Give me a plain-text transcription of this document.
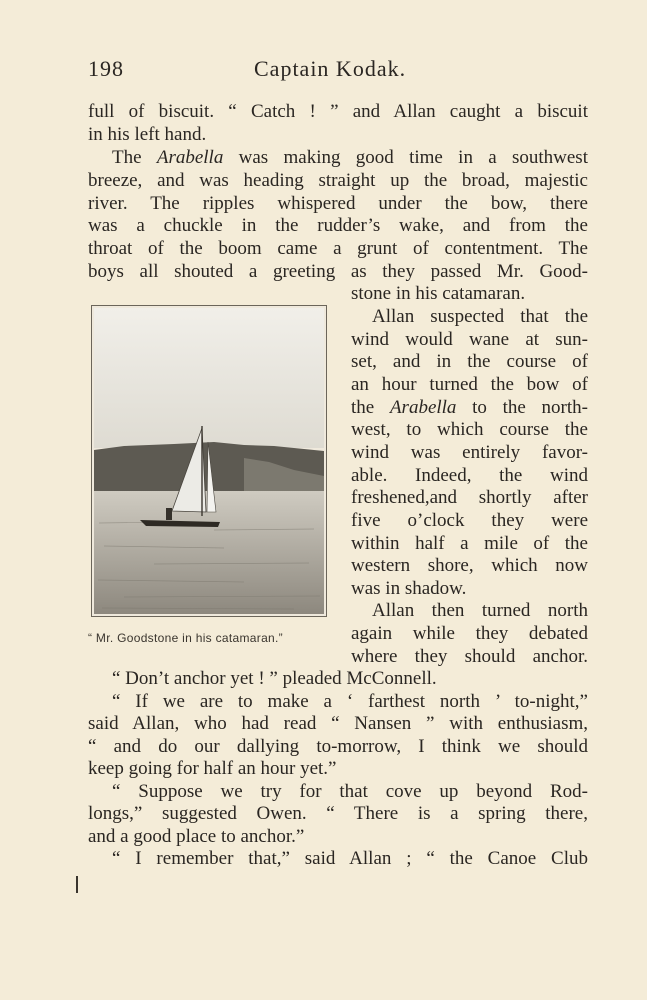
198	Captain Kodak.
full of biscuit. “ Catch ! ” and Allan caught a biscuit
in his left hand.
The Arabella was making good time in a southwest
breeze, and was heading straight up the broad, majestic
river. The ripples whispered under the bow, there
was a chuckle in the rudder’s wake, and from the
throat of the boom came a grunt of contentment. The
boys all shouted a greeting as they passed Mr. Good-
stone in his catamaran.
Allan suspected that the
wind would wane at sun-
set, and in the course of
an hour turned the bow of
the Arabella to the north-
west, to which course the
wind was entirely favor-
able. Indeed, the wind
freshened,and shortly after
five o’clock they were
within half a mile of the
western shore, which now
was in shadow.
Allan then turned north
again while they debated
where they should anchor.
“ Don’t anchor yet ! ” pleaded McConnell.
“ If we are to make a ‘ farthest north ’ to-night,”
said Allan, who had read “ Nansen ” with enthusiasm,
“ and do our dallying to-morrow, I think we should
keep going for half an hour yet.”
“ Suppose we try for that cove up beyond Rod-
longs,” suggested Owen. “ There is a spring there,
and a good place to anchor.”
“ I remember that,” said Allan ; “ the Canoe Club
“ Mr. Goodstone in his catamaran.”
